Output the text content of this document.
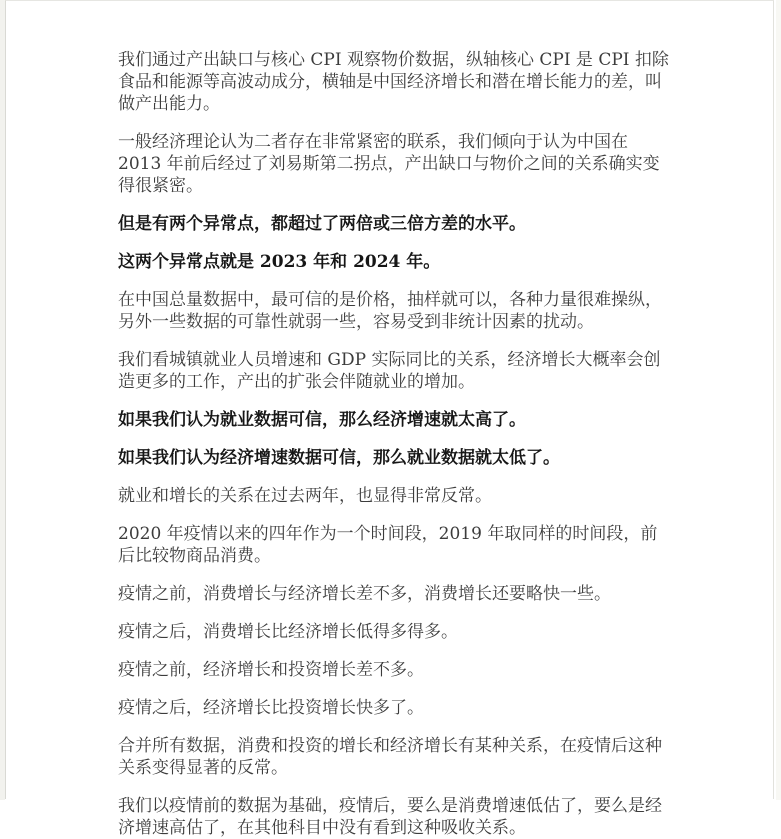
我们通过产出缺口与核心 CPI 观察物价数据，纵轴核心 CPI 是 CPI 扣除食品和能源等高波动成分，横轴是中国经济增长和潜在增长能力的差，叫做产出能力。

一般经济理论认为二者存在非常紧密的联系，我们倾向于认为中国在 2013 年前后经过了刘易斯第二拐点，产出缺口与物价之间的关系确实变得很紧密。

但是有两个异常点，都超过了两倍或三倍方差的水平。

这两个异常点就是 2023 年和 2024 年。

在中国总量数据中，最可信的是价格，抽样就可以，各种力量很难操纵，另外一些数据的可靠性就弱一些，容易受到非统计因素的扰动。

我们看城镇就业人员增速和 GDP 实际同比的关系，经济增长大概率会创造更多的工作，产出的扩张会伴随就业的增加。

如果我们认为就业数据可信，那么经济增速就太高了。

如果我们认为经济增速数据可信，那么就业数据就太低了。

就业和增长的关系在过去两年，也显得非常反常。

2020 年疫情以来的四年作为一个时间段，2019 年取同样的时间段，前后比较物商品消费。

疫情之前，消费增长与经济增长差不多，消费增长还要略快一些。

疫情之后，消费增长比经济增长低得多得多。

疫情之前，经济增长和投资增长差不多。

疫情之后，经济增长比投资增长快多了。

合并所有数据，消费和投资的增长和经济增长有某种关系，在疫情后这种关系变得显著的反常。

我们以疫情前的数据为基础，疫情后，要么是消费增速低估了，要么是经济增速高估了，在其他科目中没有看到这种吸收关系。
